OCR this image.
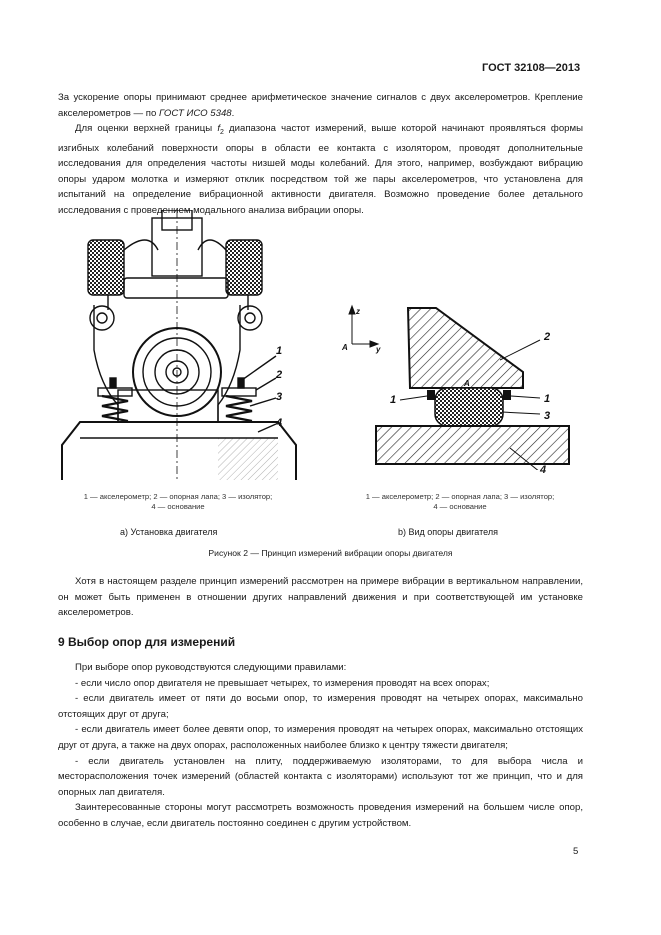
ГОСТ 32108—2013

За ускорение опоры принимают среднее арифметическое значение сигналов с двух акселерометров. Крепление акселерометров — по ГОСТ ИСО 5348.

Для оценки верхней границы $f_2$ диапазона частот измерений, выше которой начинают проявляться формы изгибных колебаний поверхности опоры в области ее контакта с изолятором, проводят дополнительные исследования для определения частоты низшей моды колебаний. Для этого, например, возбуждают вибрацию опоры ударом молотка и измеряют отклик посредством той же пары акселерометров, что установлена для испытаний на определение вибрационной активности двигателя. Возможно проведение более детального исследования с проведением модального анализа вибрации опоры.

1
2
3
4
z
y
A
A
2
1	1
3
4
1 — акселерометр; 2 — опорная лапа; 3 — изолятор;
4 — основание
1 — акселерометр; 2 — опорная лапа; 3 — изолятор;
4 — основание
а) Установка двигателя	b) Вид опоры двигателя
Рисунок 2 — Принцип измерений вибрации опоры двигателя

Хотя в настоящем разделе принцип измерений рассмотрен на примере вибрации в вертикальном направлении, он может быть применен в отношении других направлений движения и при соответствующей им установке акселерометров.

9 Выбор опор для измерений

При выборе опор руководствуются следующими правилами:

- если число опор двигателя не превышает четырех, то измерения проводят на всех опорах;

- если двигатель имеет от пяти до восьми опор, то измерения проводят на четырех опорах, максимально отстоящих друг от друга;

- если двигатель имеет более девяти опор, то измерения проводят на четырех опорах, максимально отстоящих друг от друга, а также на двух опорах, расположенных наиболее близко к центру тяжести двигателя;

- если двигатель установлен на плиту, поддерживаемую изоляторами, то для выбора числа и месторасположения точек измерений (областей контакта с изоляторами) используют тот же принцип, что и для опорных лап двигателя.

Заинтересованные стороны могут рассмотреть возможность проведения измерений на большем числе опор, особенно в случае, если двигатель постоянно соединен с другим устройством.

5
